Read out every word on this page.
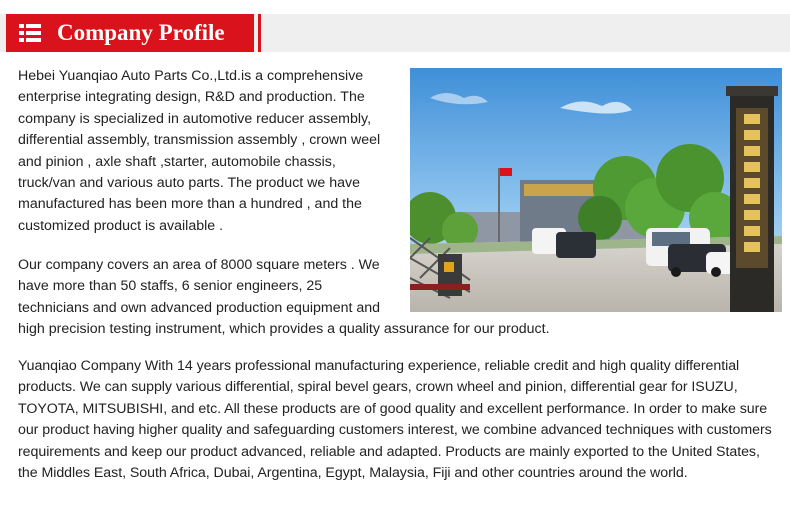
Company Profile

Hebei Yuanqiao Auto Parts Co.,Ltd.is a comprehensive
enterprise integrating design, R&D and production. The
company is specialized in automotive reducer assembly,
differential assembly, transmission assembly , crown weel
and pinion , axle shaft ,starter, automobile chassis,
truck/van and various auto parts. The product we have
manufactured has been more than a hundred , and the
customized product is available .

Our company covers an area of 8000 square meters . We
have more than 50 staffs, 6 senior engineers, 25
technicians and own advanced production equipment and
high precision testing instrument, which provides a quality assurance for our product.

Yuanqiao Company With 14 years professional manufacturing experience, reliable credit and high quality differential
products. We can supply various differential, spiral bevel gears, crown wheel and pinion, differential gear for ISUZU,
TOYOTA, MITSUBISHI, and etc. All these products are of good quality and excellent performance. In order to make sure
our product having higher quality and safeguarding customers interest, we combine advanced techniques with customers
requirements and keep our product advanced, reliable and adapted. Products are mainly exported to the United States,
the Middles East, South Africa, Dubai, Argentina, Egypt, Malaysia, Fiji and other countries around the world.
